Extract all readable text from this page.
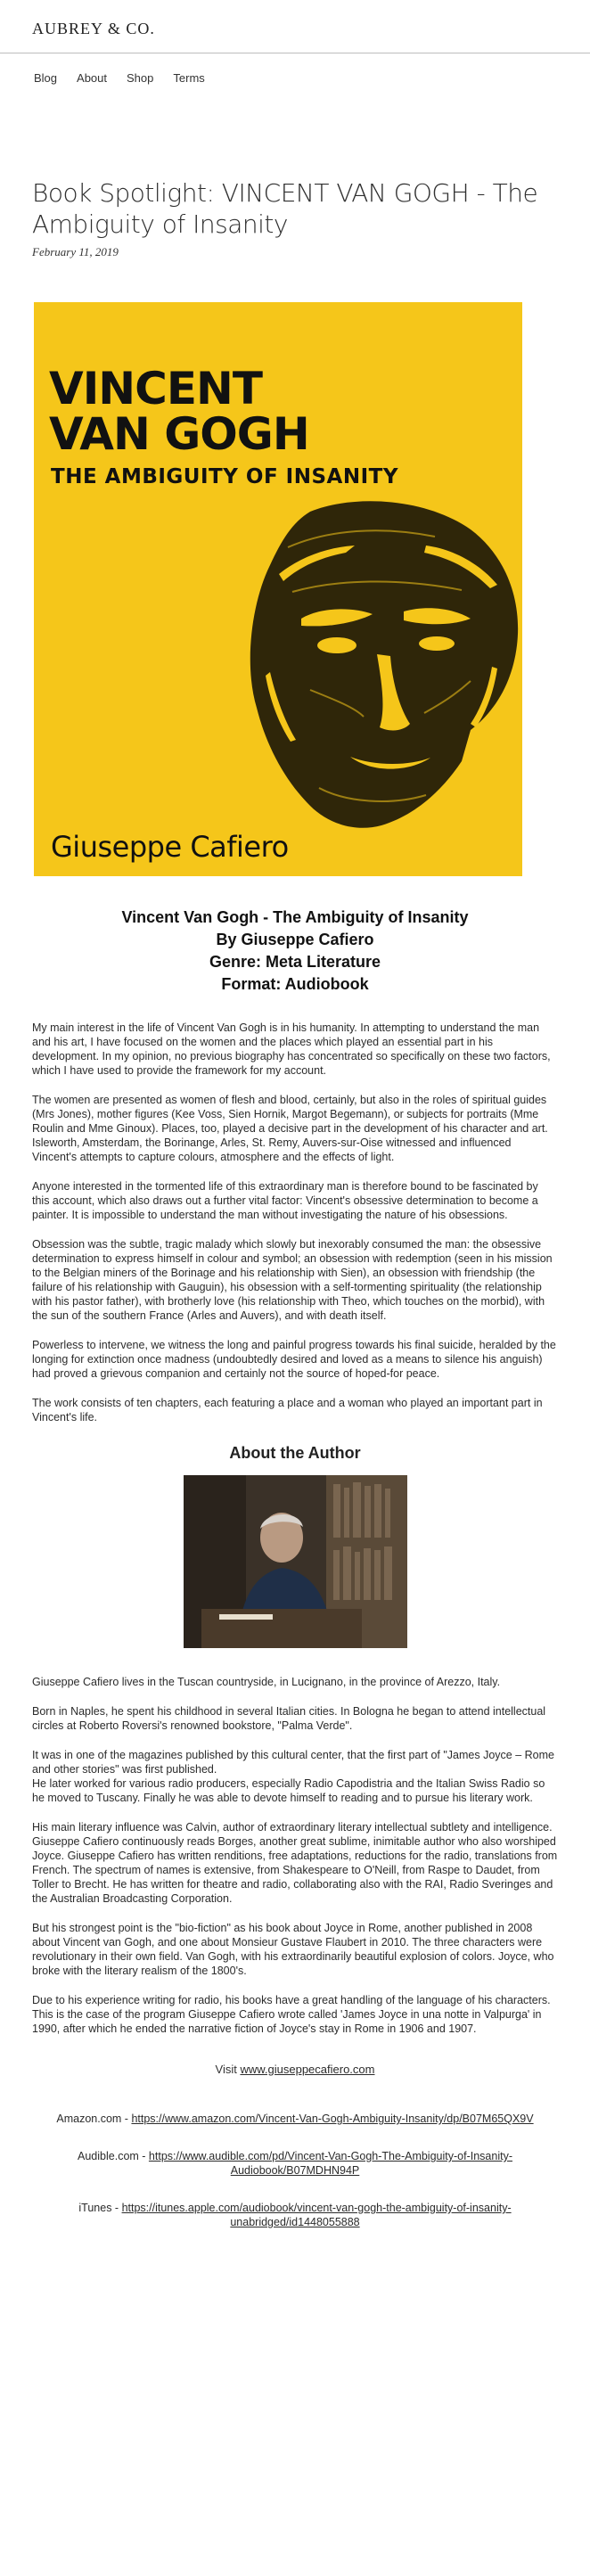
AUBREY & CO.
Blog About Shop Terms
Book Spotlight: VINCENT VAN GOGH - The Ambiguity of Insanity
February 11, 2019
VINCENT
VAN GOGH
THE AMBIGUITY OF INSANITY
Giuseppe Cafiero
Vincent Van Gogh - The Ambiguity of Insanity
By Giuseppe Cafiero
Genre: Meta Literature
Format: Audiobook

My main interest in the life of Vincent Van Gogh is in his humanity. In attempting to understand the man and his art, I have focused on the women and the places which played an essential part in his development. In my opinion, no previous biography has concentrated so specifically on these two factors, which I have used to provide the framework for my account.

The women are presented as women of flesh and blood, certainly, but also in the roles of spiritual guides (Mrs Jones), mother figures (Kee Voss, Sien Hornik, Margot Begemann), or subjects for portraits (Mme Roulin and Mme Ginoux). Places, too, played a decisive part in the development of his character and art. Isleworth, Amsterdam, the Borinange, Arles, St. Remy, Auvers-sur-Oise witnessed and influenced Vincent's attempts to capture colours, atmosphere and the effects of light.

Anyone interested in the tormented life of this extraordinary man is therefore bound to be fascinated by this account, which also draws out a further vital factor: Vincent's obsessive determination to become a painter. It is impossible to understand the man without investigating the nature of his obsessions.

Obsession was the subtle, tragic malady which slowly but inexorably consumed the man: the obsessive determination to express himself in colour and symbol; an obsession with redemption (seen in his mission to the Belgian miners of the Borinage and his relationship with Sien), an obsession with friendship (the failure of his relationship with Gauguin), his obsession with a self-tormenting spirituality (the relationship with his pastor father), with brotherly love (his relationship with Theo, which touches on the morbid), with the sun of the southern France (Arles and Auvers), and with death itself.

Powerless to intervene, we witness the long and painful progress towards his final suicide, heralded by the longing for extinction once madness (undoubtedly desired and loved as a means to silence his anguish) had proved a grievous companion and certainly not the source of hoped-for peace.

The work consists of ten chapters, each featuring a place and a woman who played an important part in Vincent's life.

About the Author

Giuseppe Cafiero lives in the Tuscan countryside, in Lucignano, in the province of Arezzo, Italy.

Born in Naples, he spent his childhood in several Italian cities. In Bologna he began to attend intellectual circles at Roberto Roversi's renowned bookstore, "Palma Verde".

It was in one of the magazines published by this cultural center, that the first part of "James Joyce – Rome and other stories" was first published.
He later worked for various radio producers, especially Radio Capodistria and the Italian Swiss Radio so he moved to Tuscany. Finally he was able to devote himself to reading and to pursue his literary work.

His main literary influence was Calvin, author of extraordinary literary intellectual subtlety and intelligence. Giuseppe Cafiero continuously reads Borges, another great sublime, inimitable author who also worshiped Joyce. Giuseppe Cafiero has written renditions, free adaptations, reductions for the radio, translations from French. The spectrum of names is extensive, from Shakespeare to O'Neill, from Raspe to Daudet, from Toller to Brecht. He has written for theatre and radio, collaborating also with the RAI, Radio Sveringes and the Australian Broadcasting Corporation.

But his strongest point is the "bio-fiction" as his book about Joyce in Rome, another published in 2008 about Vincent van Gogh, and one about Monsieur Gustave Flaubert in 2010. The three characters were revolutionary in their own field. Van Gogh, with his extraordinarily beautiful explosion of colors. Joyce, who broke with the literary realism of the 1800's.

Due to his experience writing for radio, his books have a great handling of the language of his characters. This is the case of the program Giuseppe Cafiero wrote called 'James Joyce in una notte in Valpurga' in 1990, after which he ended the narrative fiction of Joyce's stay in Rome in 1906 and 1907.

Visit www.giuseppecafiero.com
Amazon.com - https://www.amazon.com/Vincent-Van-Gogh-Ambiguity-Insanity/dp/B07M65QX9V
Audible.com - https://www.audible.com/pd/Vincent-Van-Gogh-The-Ambiguity-of-Insanity-Audiobook/B07MDHN94P
iTunes - https://itunes.apple.com/audiobook/vincent-van-gogh-the-ambiguity-of-insanity-unabridged/id1448055888
